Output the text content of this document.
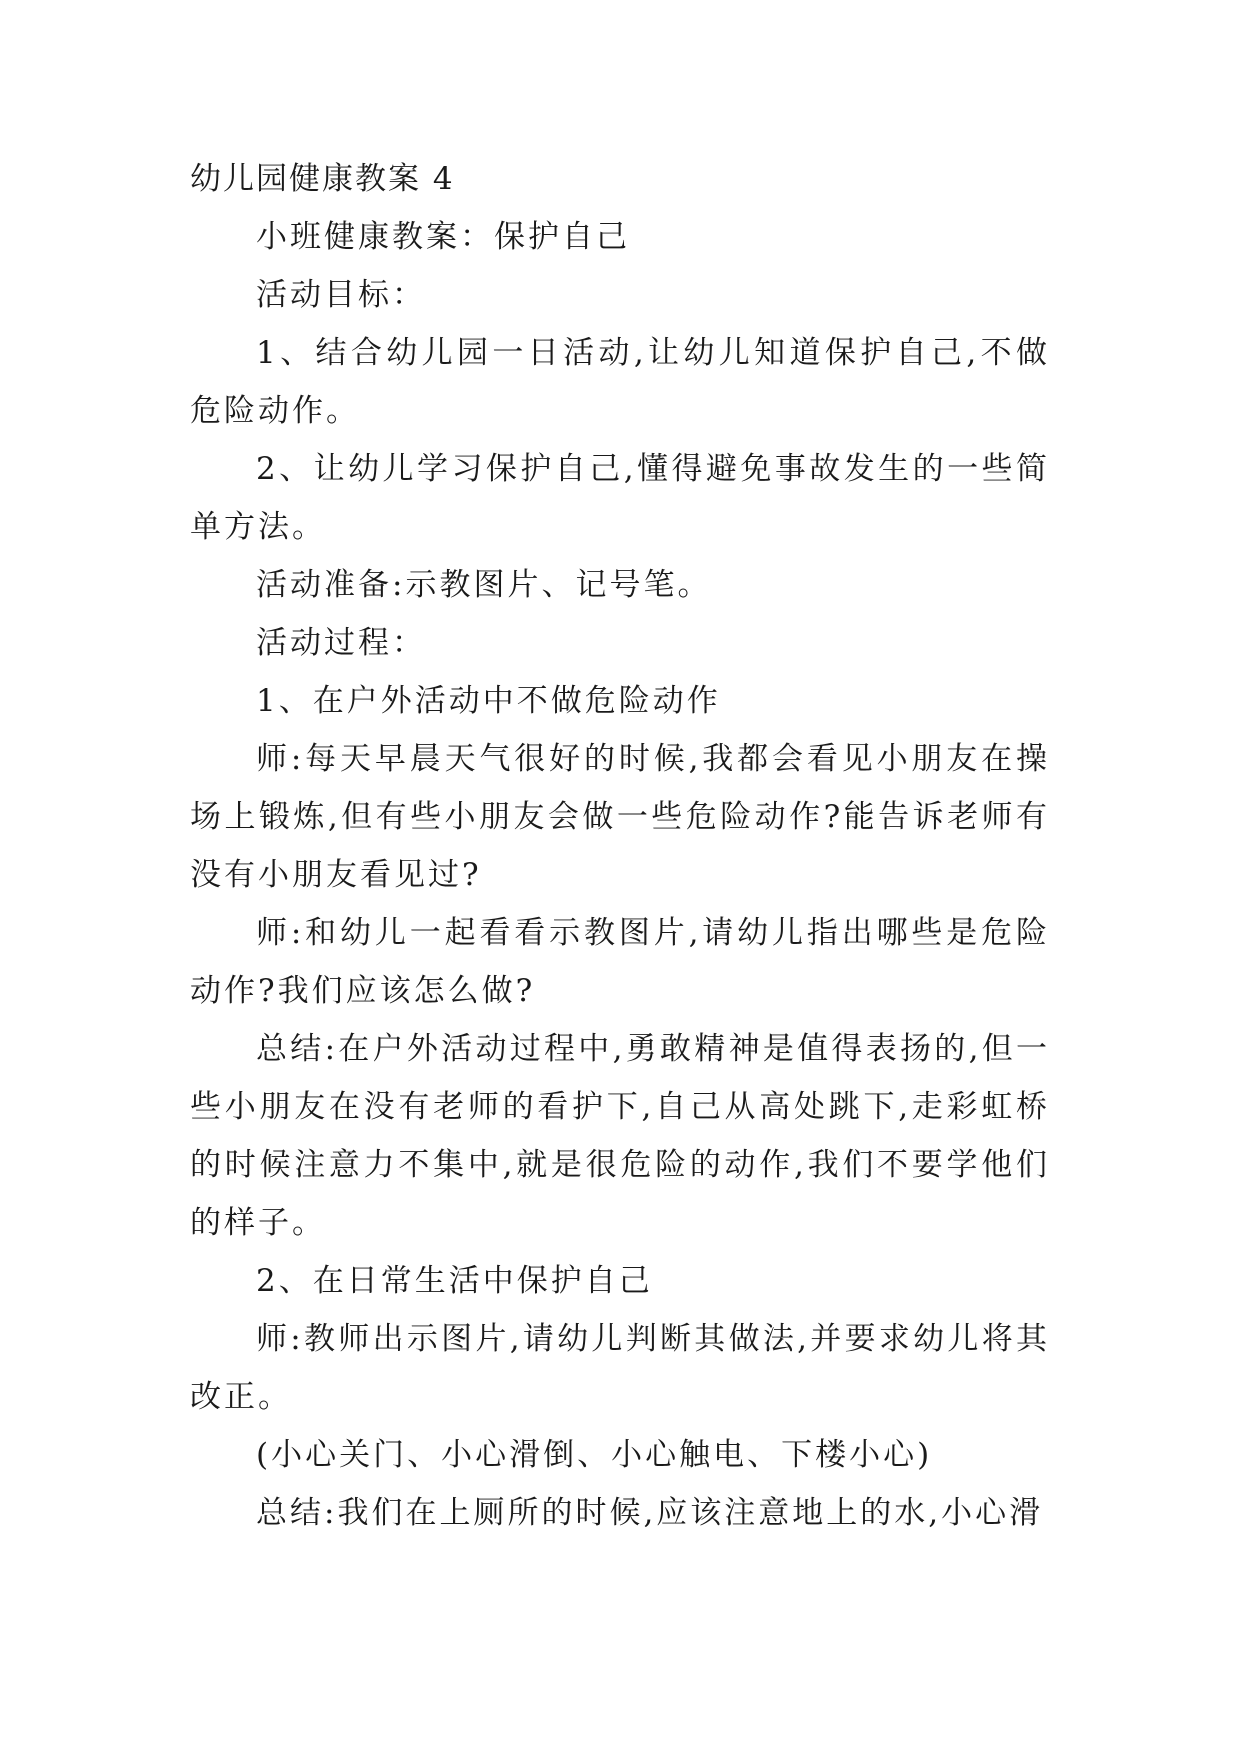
幼儿园健康教案 4

小班健康教案：保护自己

活动目标：

1、结合幼儿园一日活动,让幼儿知道保护自己,不做危险动作。

2、让幼儿学习保护自己,懂得避免事故发生的一些简单方法。

活动准备:示教图片、记号笔。

活动过程：

1、在户外活动中不做危险动作

师:每天早晨天气很好的时候,我都会看见小朋友在操场上锻炼,但有些小朋友会做一些危险动作?能告诉老师有没有小朋友看见过?

师:和幼儿一起看看示教图片,请幼儿指出哪些是危险动作?我们应该怎么做?

总结:在户外活动过程中,勇敢精神是值得表扬的,但一些小朋友在没有老师的看护下,自己从高处跳下,走彩虹桥的时候注意力不集中,就是很危险的动作,我们不要学他们的样子。

2、在日常生活中保护自己

师:教师出示图片,请幼儿判断其做法,并要求幼儿将其改正。

(小心关门、小心滑倒、小心触电、下楼小心)

总结:我们在上厕所的时候,应该注意地上的水,小心滑
